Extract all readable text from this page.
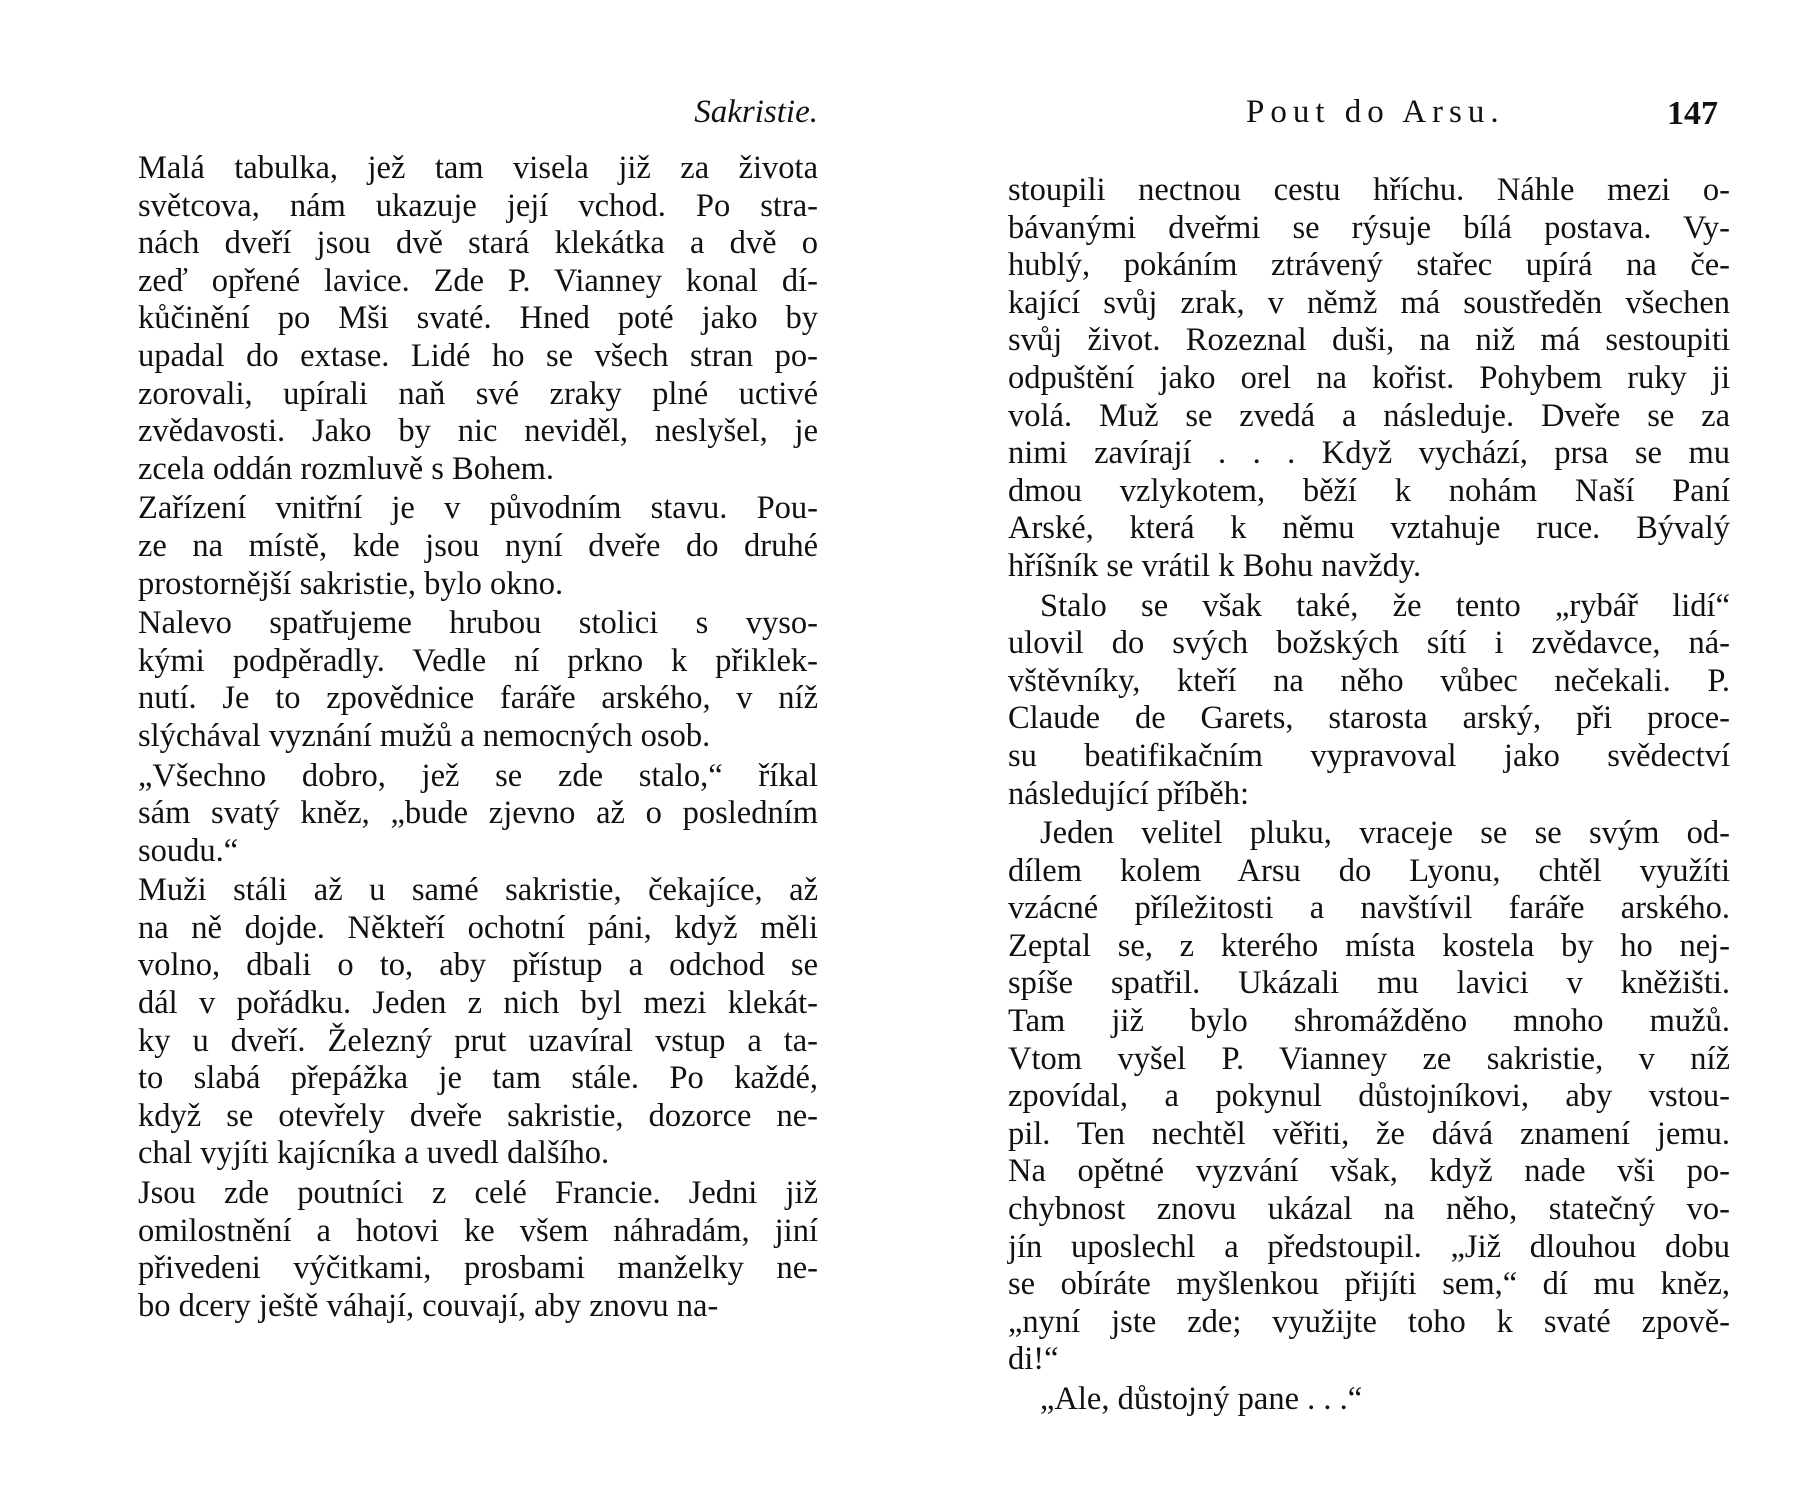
Sakristie.
Malá tabulka, jež tam visela již za života
světcova, nám ukazuje její vchod. Po stra-
nách dveří jsou dvě stará klekátka a dvě o
zeď opřené lavice. Zde P. Vianney konal dí-
kůčinění po Mši svaté. Hned poté jako by
upadal do extase. Lidé ho se všech stran po-
zorovali, upírali naň své zraky plné uctivé
zvědavosti. Jako by nic neviděl, neslyšel, je
zcela oddán rozmluvě s Bohem.
Zařízení vnitřní je v původním stavu. Pou-
ze na místě, kde jsou nyní dveře do druhé
prostornější sakristie, bylo okno.
Nalevo spatřujeme hrubou stolici s vyso-
kými podpěradly. Vedle ní prkno k přiklek-
nutí. Je to zpovědnice faráře arského, v níž
slýchával vyznání mužů a nemocných osob.
„Všechno dobro, jež se zde stalo,“ říkal
sám svatý kněz, „bude zjevno až o posledním
soudu.“
Muži stáli až u samé sakristie, čekajíce, až
na ně dojde. Někteří ochotní páni, když měli
volno, dbali o to, aby přístup a odchod se
dál v pořádku. Jeden z nich byl mezi klekát-
ky u dveří. Železný prut uzavíral vstup a ta-
to slabá přepážka je tam stále. Po každé,
když se otevřely dveře sakristie, dozorce ne-
chal vyjíti kajícníka a uvedl dalšího.
Jsou zde poutníci z celé Francie. Jedni již
omilostnění a hotovi ke všem náhradám, jiní
přivedeni výčitkami, prosbami manželky ne-
bo dcery ještě váhají, couvají, aby znovu na-
Pout do Arsu.	147
stoupili nectnou cestu hříchu. Náhle mezi o-
bávanými dveřmi se rýsuje bílá postava. Vy-
hublý, pokáním ztrávený stařec upírá na če-
kající svůj zrak, v němž má soustředěn všechen
svůj život. Rozeznal duši, na niž má sestoupiti
odpuštění jako orel na kořist. Pohybem ruky ji
volá. Muž se zvedá a následuje. Dveře se za
nimi zavírají . . . Když vychází, prsa se mu
dmou vzlykotem, běží k nohám Naší Paní
Arské, která k němu vztahuje ruce. Bývalý
hříšník se vrátil k Bohu navždy.
Stalo se však také, že tento „rybář lidí“
ulovil do svých božských sítí i zvědavce, ná-
vštěvníky, kteří na něho vůbec nečekali. P.
Claude de Garets, starosta arský, při proce-
su beatifikačním vypravoval jako svědectví
následující příběh:
Jeden velitel pluku, vraceje se se svým od-
dílem kolem Arsu do Lyonu, chtěl využíti
vzácné příležitosti a navštívil faráře arského.
Zeptal se, z kterého místa kostela by ho nej-
spíše spatřil. Ukázali mu lavici v kněžišti.
Tam již bylo shromážděno mnoho mužů.
Vtom vyšel P. Vianney ze sakristie, v níž
zpovídal, a pokynul důstojníkovi, aby vstou-
pil. Ten nechtěl věřiti, že dává znamení jemu.
Na opětné vyzvání však, když nade vši po-
chybnost znovu ukázal na něho, statečný vo-
jín uposlechl a předstoupil. „Již dlouhou dobu
se obíráte myšlenkou přijíti sem,“ dí mu kněz,
„nyní jste zde; využijte toho k svaté zpově-
di!“
„Ale, důstojný pane . . .“
